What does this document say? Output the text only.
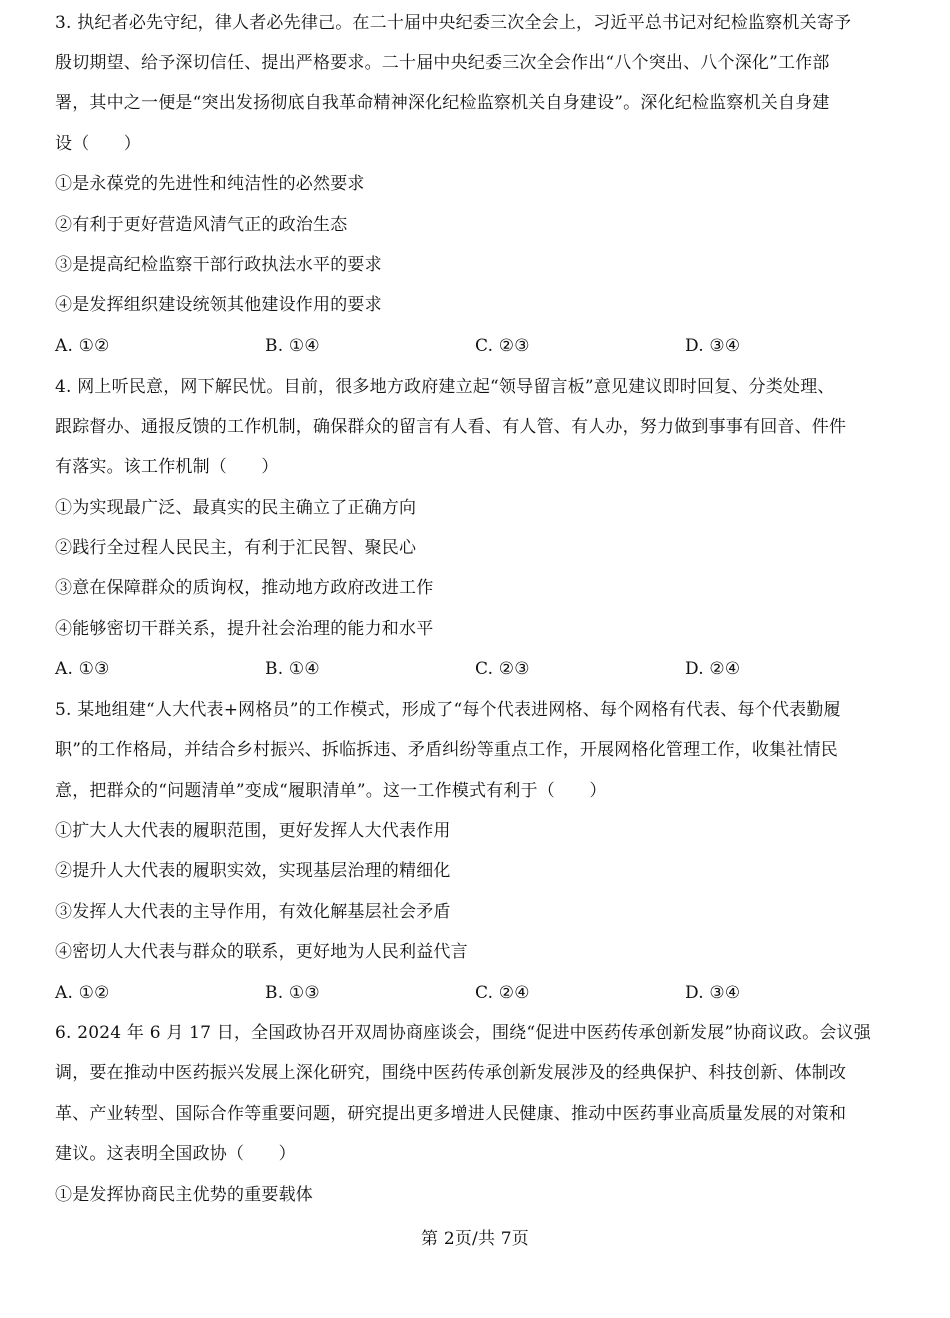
3. 执纪者必先守纪，律人者必先律己。在二十届中央纪委三次全会上，习近平总书记对纪检监察机关寄予
殷切期望、给予深切信任、提出严格要求。二十届中央纪委三次全会作出“八个突出、八个深化”工作部
署，其中之一便是“突出发扬彻底自我革命精神深化纪检监察机关自身建设”。深化纪检监察机关自身建
设（　　）
①是永葆党的先进性和纯洁性的必然要求
②有利于更好营造风清气正的政治生态
③是提高纪检监察干部行政执法水平的要求
④是发挥组织建设统领其他建设作用的要求
A. ①②	B. ①④	C. ②③	D. ③④
4. 网上听民意，网下解民忧。目前，很多地方政府建立起“领导留言板”意见建议即时回复、分类处理、
跟踪督办、通报反馈的工作机制，确保群众的留言有人看、有人管、有人办，努力做到事事有回音、件件
有落实。该工作机制（　　）
①为实现最广泛、最真实的民主确立了正确方向
②践行全过程人民民主，有利于汇民智、聚民心
③意在保障群众的质询权，推动地方政府改进工作
④能够密切干群关系，提升社会治理的能力和水平
A. ①③	B. ①④	C. ②③	D. ②④
5. 某地组建“人大代表+网格员”的工作模式，形成了“每个代表进网格、每个网格有代表、每个代表勤履
职”的工作格局，并结合乡村振兴、拆临拆违、矛盾纠纷等重点工作，开展网格化管理工作，收集社情民
意，把群众的“问题清单”变成“履职清单”。这一工作模式有利于（　　）
①扩大人大代表的履职范围，更好发挥人大代表作用
②提升人大代表的履职实效，实现基层治理的精细化
③发挥人大代表的主导作用，有效化解基层社会矛盾
④密切人大代表与群众的联系，更好地为人民利益代言
A. ①②	B. ①③	C. ②④	D. ③④
6. 2024 年 6 月 17 日，全国政协召开双周协商座谈会，围绕“促进中医药传承创新发展”协商议政。会议强
调，要在推动中医药振兴发展上深化研究，围绕中医药传承创新发展涉及的经典保护、科技创新、体制改
革、产业转型、国际合作等重要问题，研究提出更多增进人民健康、推动中医药事业高质量发展的对策和
建议。这表明全国政协（　　）
①是发挥协商民主优势的重要载体
第 2页/共 7页
